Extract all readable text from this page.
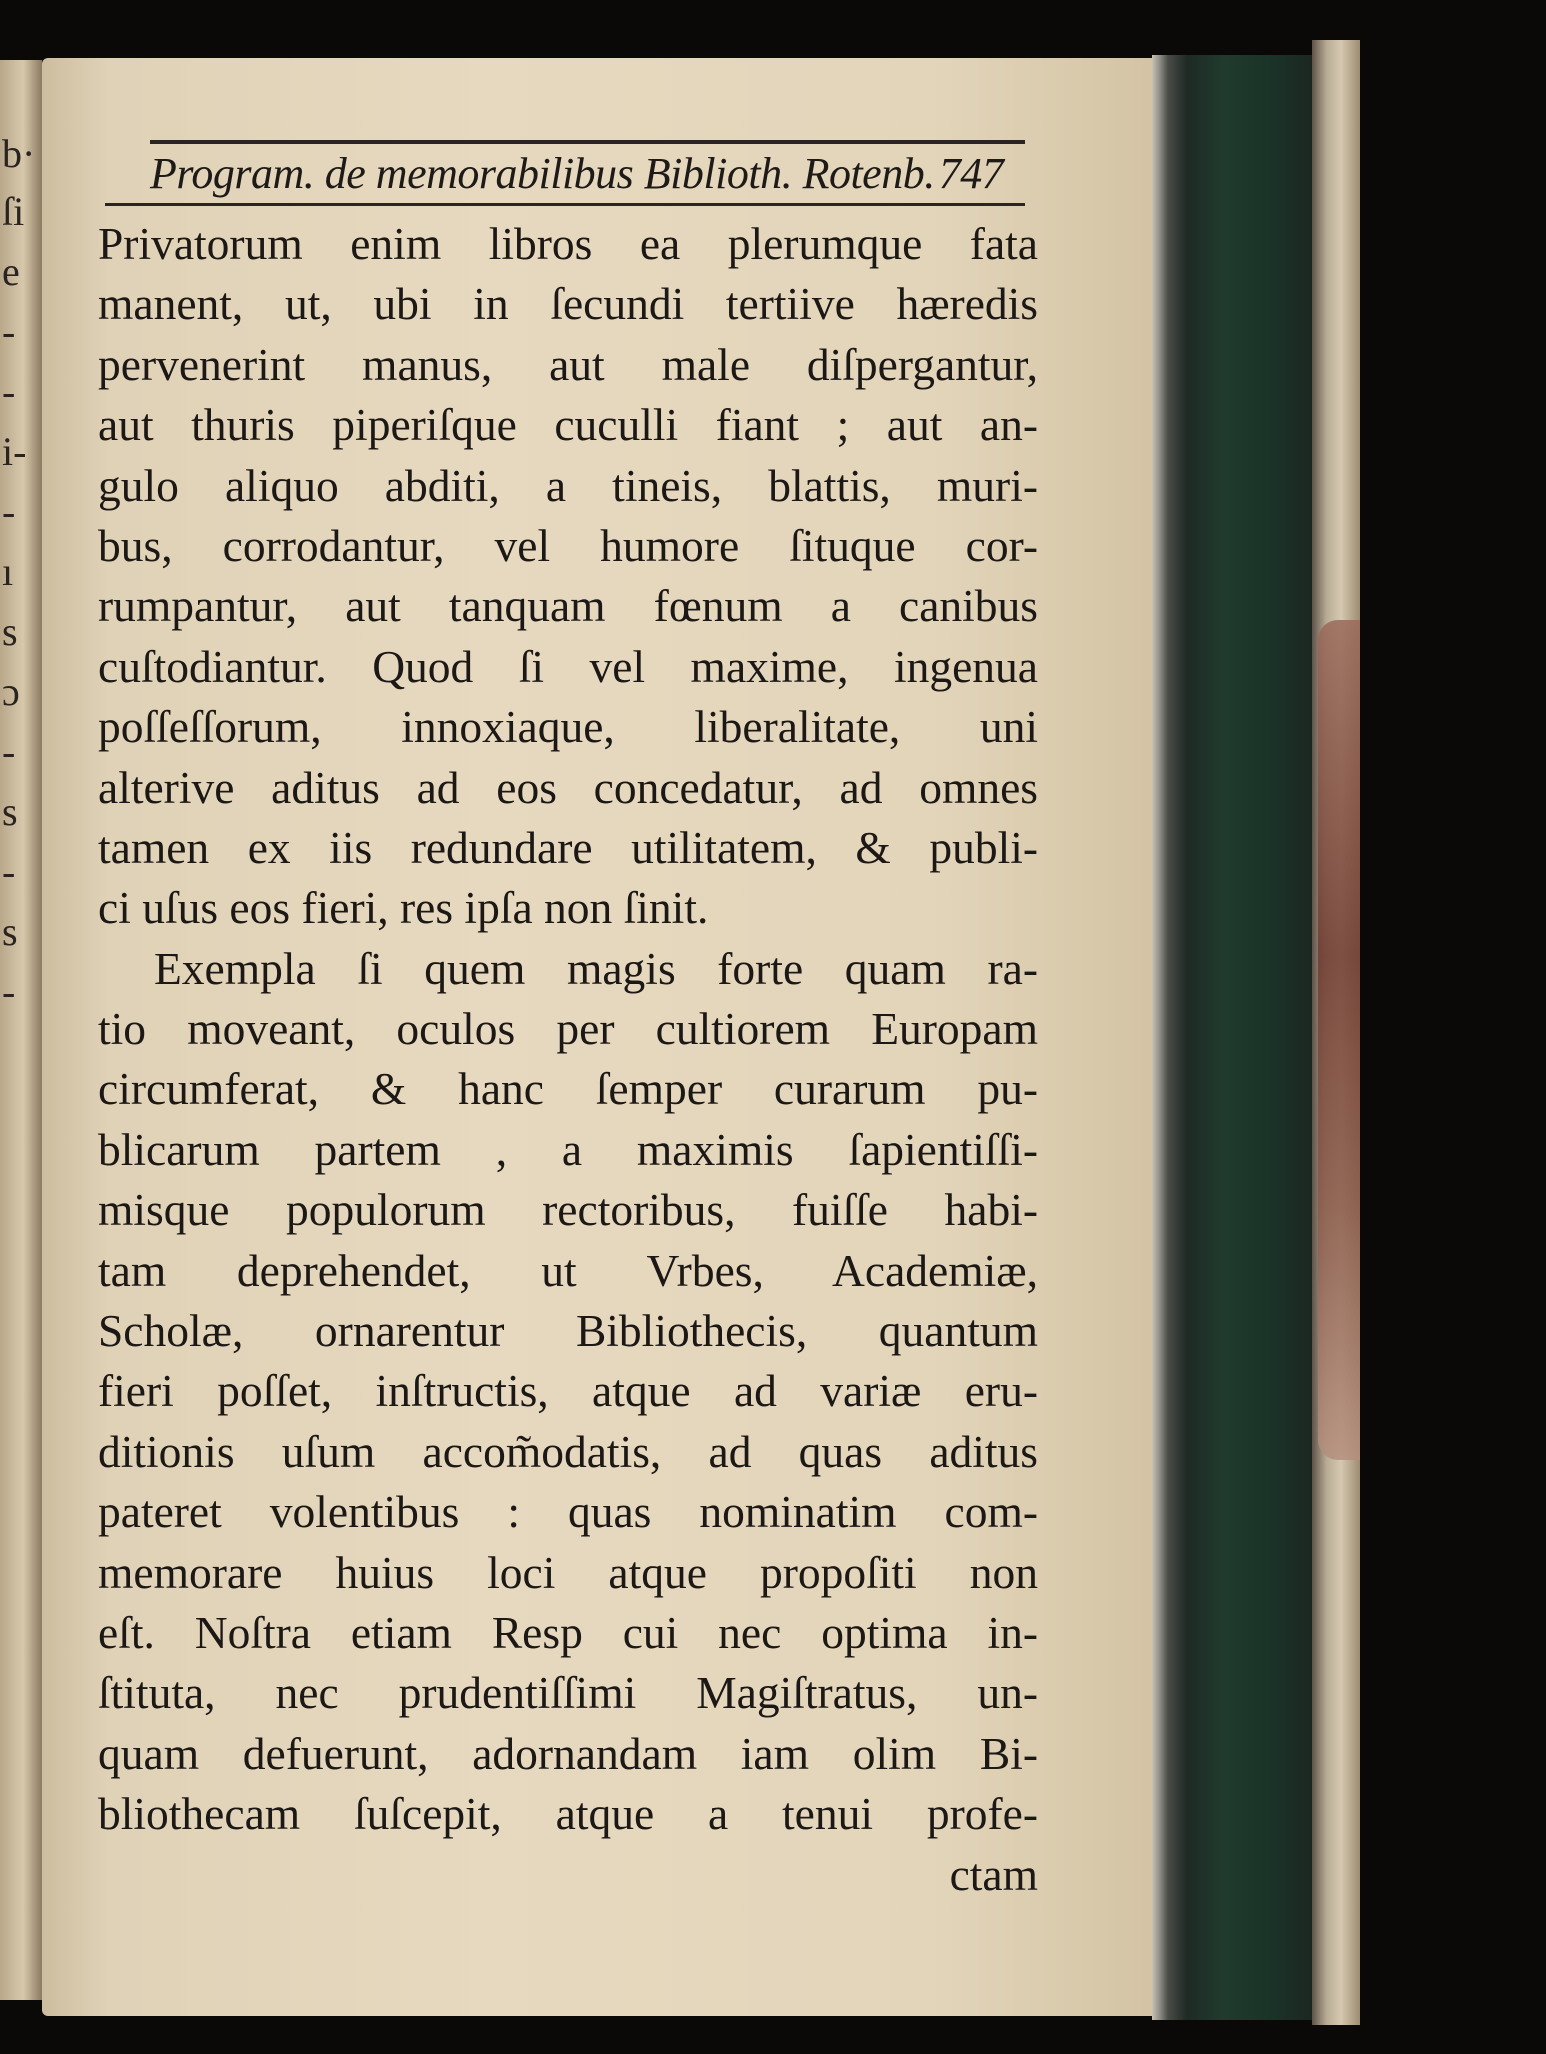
b·
ſi
e
-
-
i-
-
ı
s
ɔ
-
s
-
s
-
Program. de memorabilibus Biblioth. Rotenb.747
Privatorum enim libros ea plerumque fata
manent, ut, ubi in ſecundi tertiive hæredis
pervenerint manus, aut male diſpergantur,
aut thuris piperiſque cuculli fiant ; aut an-
gulo aliquo abditi, a tineis, blattis, muri-
bus, corrodantur, vel humore ſituque cor-
rumpantur, aut tanquam fœnum a canibus
cuſtodiantur. Quod ſi vel maxime, ingenua
poſſeſſorum, innoxiaque, liberalitate, uni
alterive aditus ad eos concedatur, ad omnes
tamen ex iis redundare utilitatem, & publi-
ci uſus eos fieri, res ipſa non ſinit.
Exempla ſi quem magis forte quam ra-
tio moveant, oculos per cultiorem Europam
circumferat, & hanc ſemper curarum pu-
blicarum partem , a maximis ſapientiſſi-
misque populorum rectoribus, fuiſſe habi-
tam deprehendet, ut Vrbes, Academiæ,
Scholæ, ornarentur Bibliothecis, quantum
fieri poſſet, inſtructis, atque ad variæ eru-
ditionis uſum accom̃odatis, ad quas aditus
pateret volentibus : quas nominatim com-
memorare huius loci atque propoſiti non
eſt. Noſtra etiam Resp cui nec optima in-
ſtituta, nec prudentiſſimi Magiſtratus, un-
quam defuerunt, adornandam iam olim Bi-
bliothecam ſuſcepit, atque a tenui profe-
ctam
